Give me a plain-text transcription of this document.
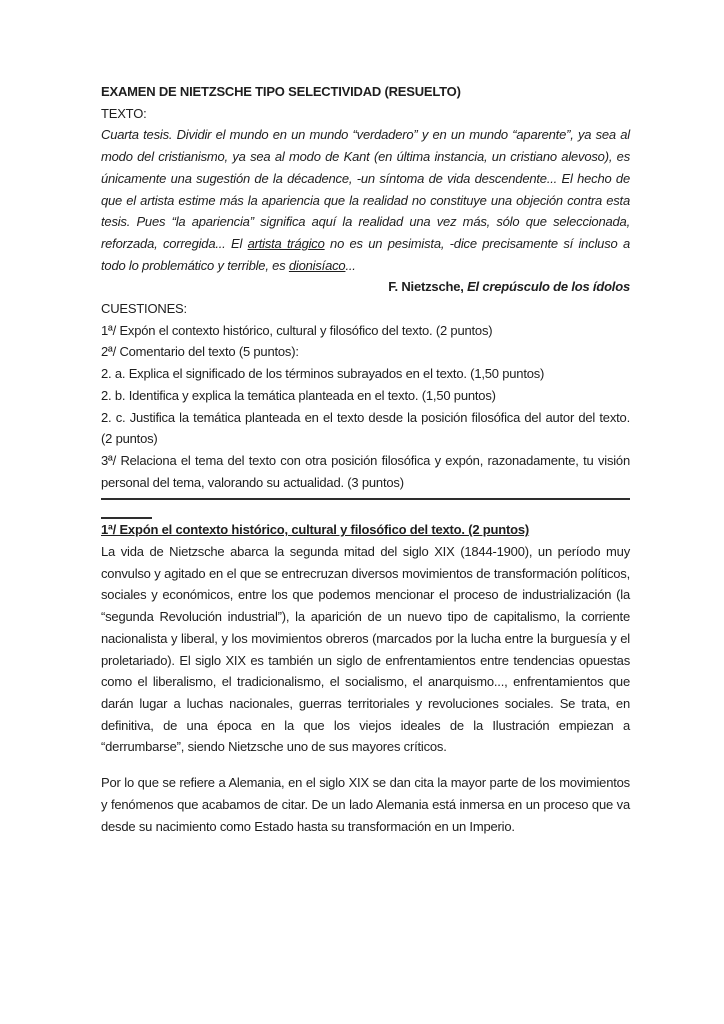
EXAMEN DE NIETZSCHE TIPO SELECTIVIDAD (RESUELTO)

TEXTO:

Cuarta tesis. Dividir el mundo en un mundo “verdadero” y en un mundo “aparente”, ya sea al modo del cristianismo, ya sea al modo de Kant (en última instancia, un cristiano alevoso), es únicamente una sugestión de la décadence, -un síntoma de vida descendente... El hecho de que el artista estime más la apariencia que la realidad no constituye una objeción contra esta tesis. Pues “la apariencia” significa aquí la realidad una vez más, sólo que seleccionada, reforzada, corregida... El artista trágico no es un pesimista, -dice precisamente sí incluso a todo lo problemático y terrible, es dionisíaco...

F. Nietzsche, El crepúsculo de los ídolos

CUESTIONES:

1ª/ Expón el contexto histórico, cultural y filosófico del texto. (2 puntos)

2ª/ Comentario del texto (5 puntos):

2. a. Explica el significado de los términos subrayados en el texto. (1,50 puntos)

2. b. Identifica y explica la temática planteada en el texto. (1,50 puntos)

2. c. Justifica la temática planteada en el texto desde la posición filosófica del autor del texto. (2 puntos)

3ª/ Relaciona el tema del texto con otra posición filosófica y expón, razonadamente, tu visión personal del tema, valorando su actualidad. (3 puntos)

1ª/ Expón el contexto histórico, cultural y filosófico del texto. (2 puntos)

La vida de Nietzsche abarca la segunda mitad del siglo XIX (1844-1900), un período muy convulso y agitado en el que se entrecruzan diversos movimientos de transformación políticos, sociales y económicos, entre los que podemos mencionar el proceso de industrialización (la “segunda Revolución industrial”), la aparición de un nuevo tipo de capitalismo, la corriente nacionalista y liberal, y los movimientos obreros (marcados por la lucha entre la burguesía y el proletariado). El siglo XIX es también un siglo de enfrentamientos entre tendencias opuestas como el liberalismo, el tradicionalismo, el socialismo, el anarquismo..., enfrentamientos que darán lugar a luchas nacionales, guerras territoriales y revoluciones sociales. Se trata, en definitiva, de una época en la que los viejos ideales de la Ilustración empiezan a “derrumbarse”, siendo Nietzsche uno de sus mayores críticos.

Por lo que se refiere a Alemania, en el siglo XIX se dan cita la mayor parte de los movimientos y fenómenos que acabamos de citar. De un lado Alemania está inmersa en un proceso que va desde su nacimiento como Estado hasta su transformación en un Imperio.
